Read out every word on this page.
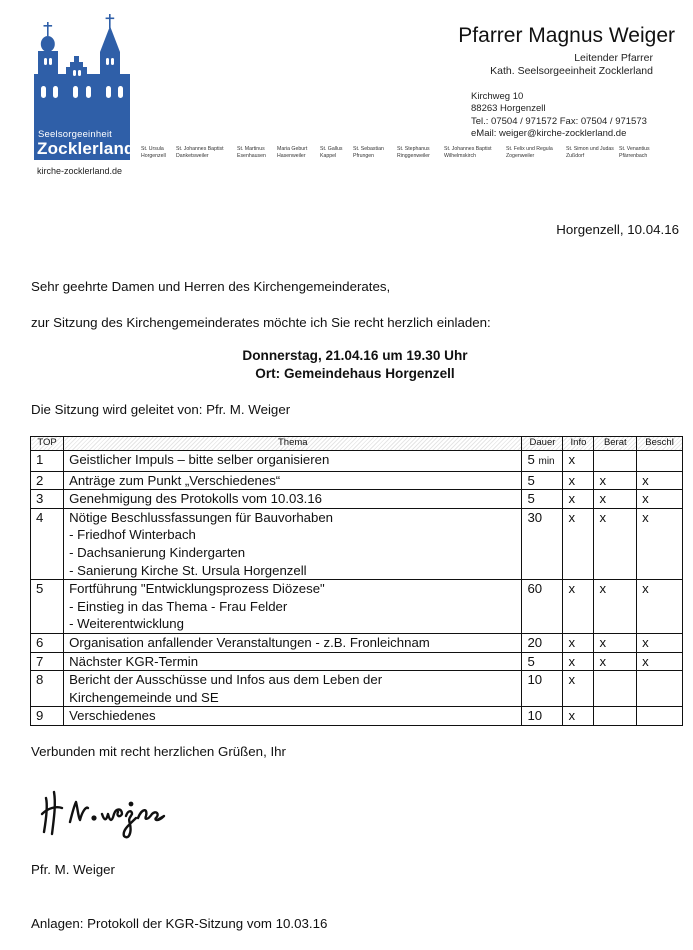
Seelsorgeeinheit
Zocklerland
kirche-zocklerland.de
St. Ursula
Horgenzell
St. Johannes Baptist
Danketsweiler
St. Martinus
Esenhausen
Maria Geburt
Hasenweiler
St. Gallus
Kappel
St. Sebastian
Pfrungen
St. Stephanus
Ringgenweiler
St. Johannes Baptist
Wilhelmskirch
St. Felix und Regula
Zogenweiler
St. Simon und Judas
Zußdorf
St. Venantius
Pfärrenbach
Pfarrer Magnus Weiger
Leitender Pfarrer
Kath. Seelsorgeeinheit Zocklerland
Kirchweg 10
88263 Horgenzell
Tel.: 07504 / 971572 Fax: 07504 / 971573
eMail: weiger@kirche-zocklerland.de
Horgenzell, 10.04.16
Sehr geehrte Damen und Herren des Kirchengemeinderates,
zur Sitzung des Kirchengemeinderates möchte ich Sie recht herzlich einladen:
Donnerstag, 21.04.16 um 19.30 Uhr
Ort: Gemeindehaus Horgenzell
Die Sitzung wird geleitet von: Pfr. M. Weiger
TOP	Thema	Dauer	Info	Berat	Beschl
1	Geistlicher Impuls – bitte selber organisieren	5 min	x		
2	Anträge zum Punkt „Verschiedenes“	5	x	x	x
3	Genehmigung des Protokolls vom 10.03.16	5	x	x	x
4	Nötige Beschlussfassungen für Bauvorhaben
- Friedhof Winterbach
- Dachsanierung Kindergarten
- Sanierung Kirche St. Ursula Horgenzell	30	x	x	x
5	Fortführung "Entwicklungsprozess Diözese"
- Einstieg in das Thema - Frau Felder
- Weiterentwicklung	60	x	x	x
6	Organisation anfallender Veranstaltungen - z.B. Fronleichnam	20	x	x	x
7	Nächster KGR-Termin	5	x	x	x
8	Bericht der Ausschüsse und Infos aus dem Leben der
Kirchengemeinde und SE	10	x		
9	Verschiedenes	10	x		
Verbunden mit recht herzlichen Grüßen, Ihr
Pfr. M. Weiger
Anlagen: Protokoll der KGR-Sitzung vom 10.03.16
